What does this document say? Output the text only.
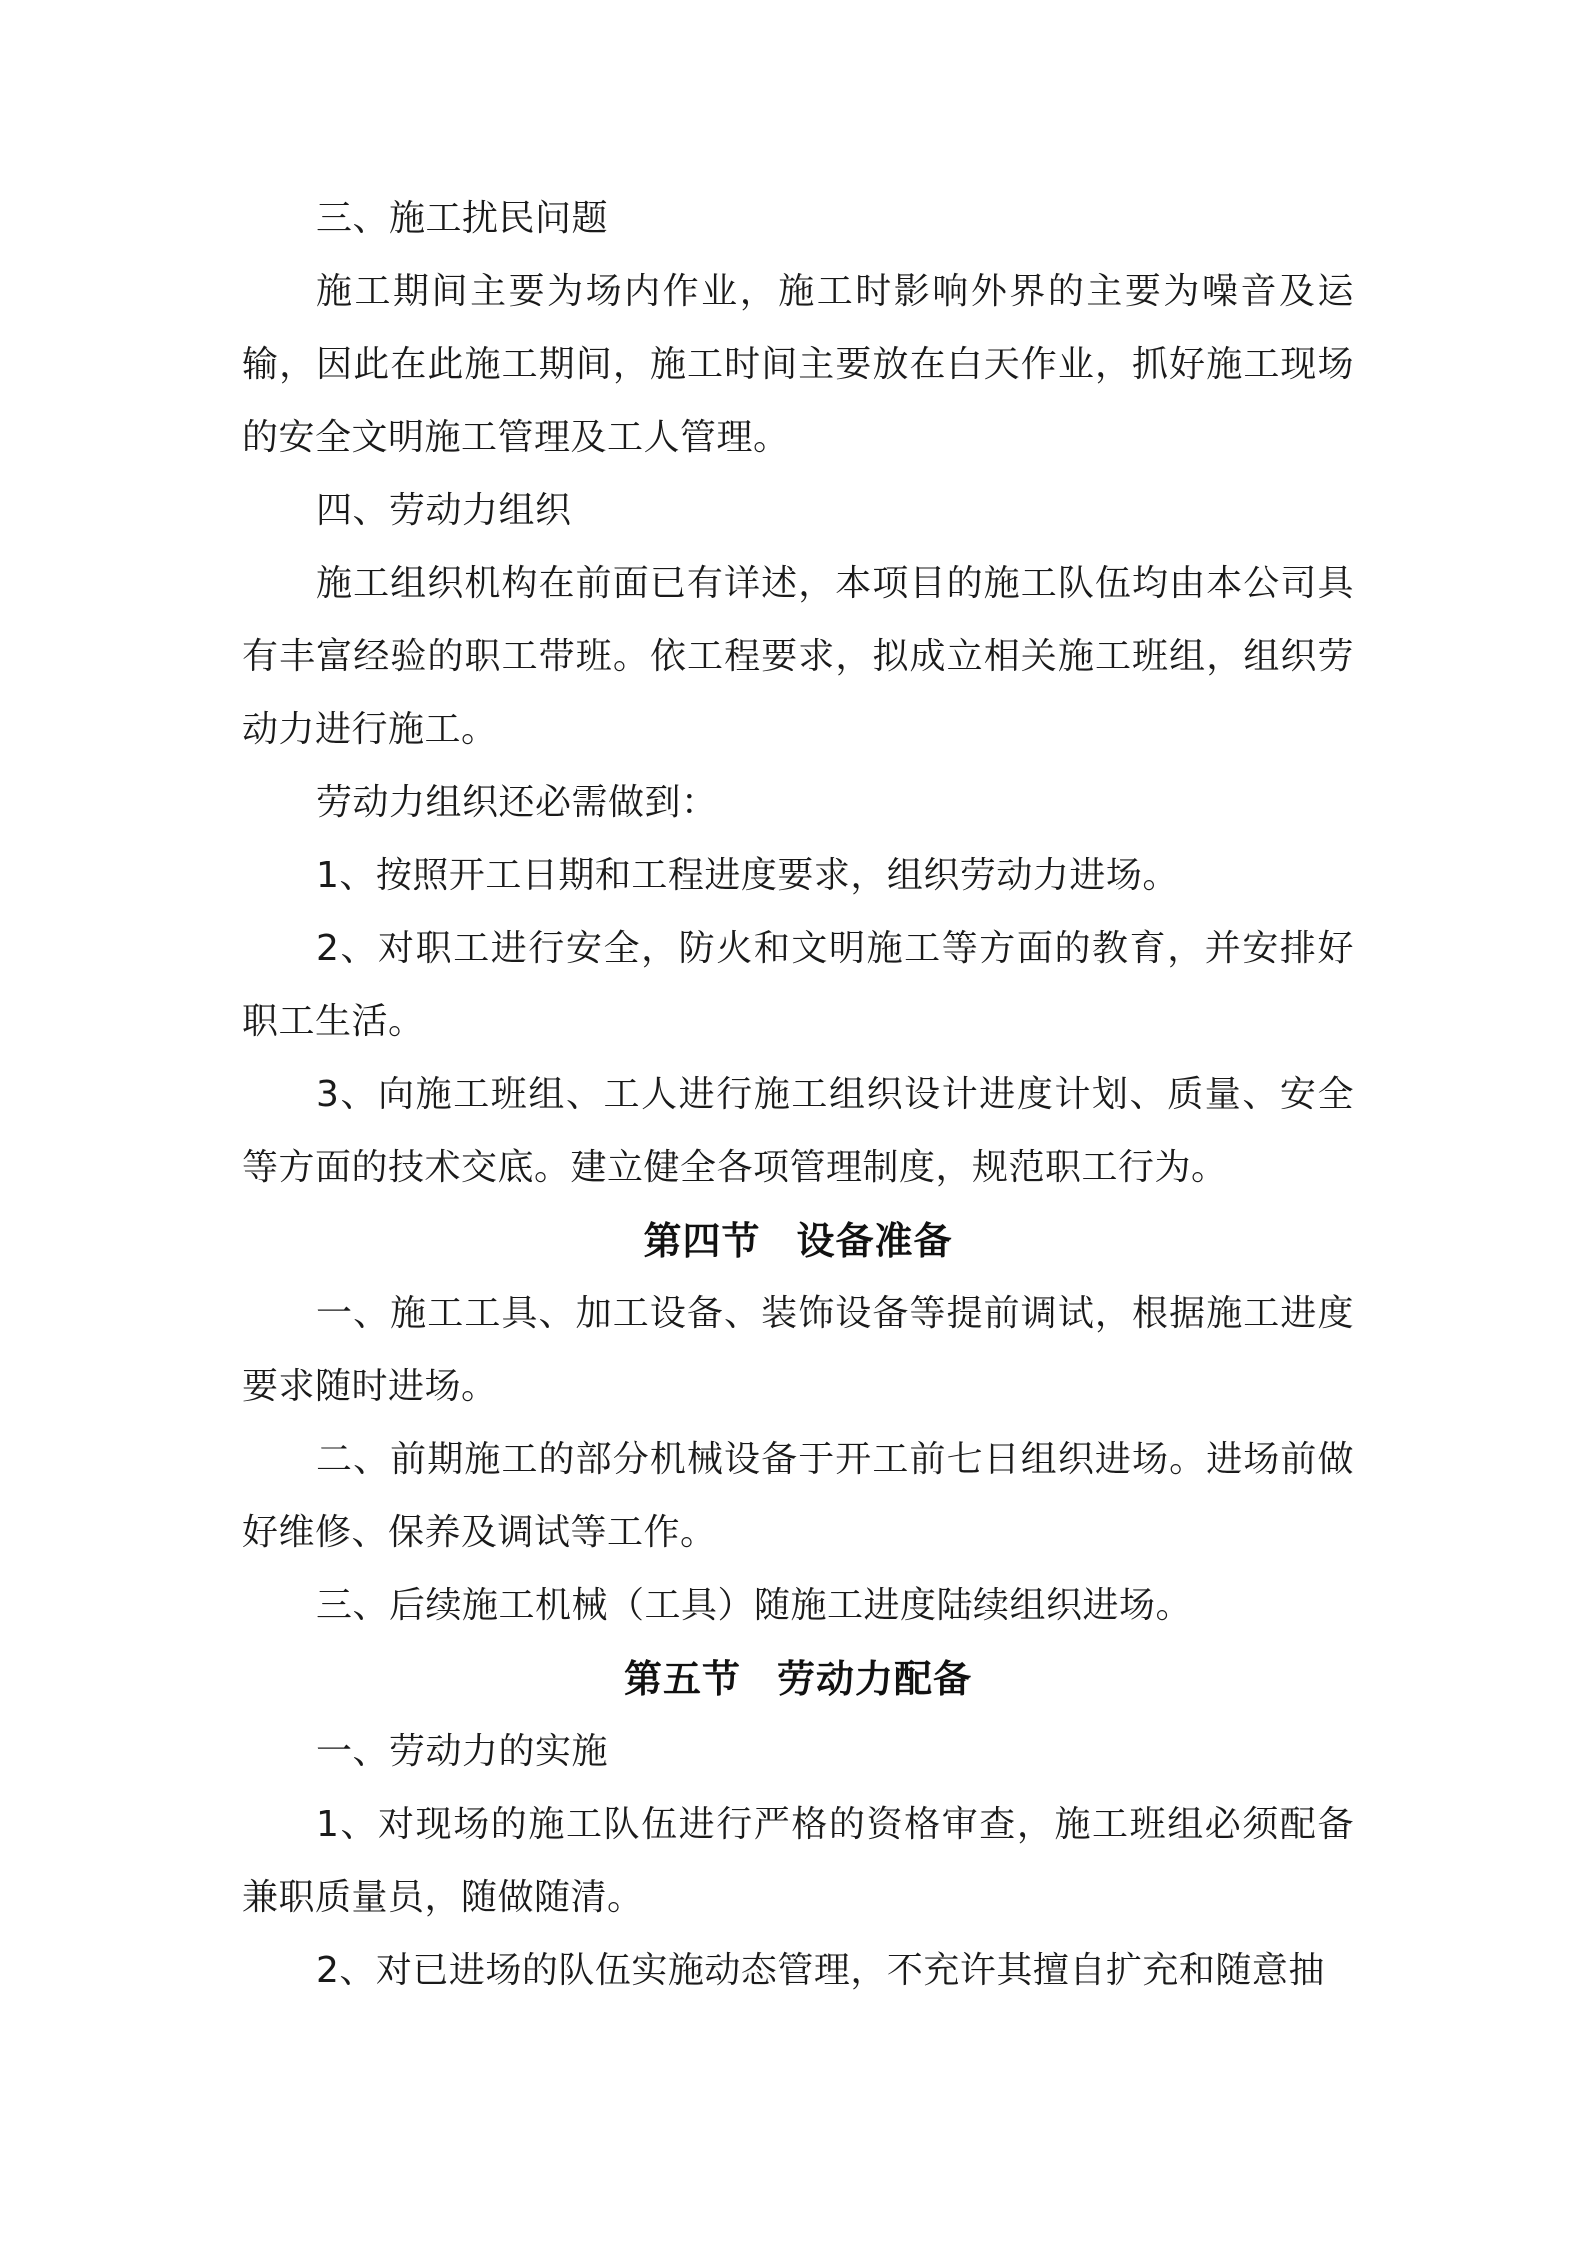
三、施工扰民问题

施工期间主要为场内作业，施工时影响外界的主要为噪音及运输，因此在此施工期间，施工时间主要放在白天作业，抓好施工现场的安全文明施工管理及工人管理。

四、劳动力组织

施工组织机构在前面已有详述，本项目的施工队伍均由本公司具有丰富经验的职工带班。依工程要求，拟成立相关施工班组，组织劳动力进行施工。

劳动力组织还必需做到：

1、按照开工日期和工程进度要求，组织劳动力进场。

2、对职工进行安全，防火和文明施工等方面的教育，并安排好职工生活。

3、向施工班组、工人进行施工组织设计进度计划、质量、安全等方面的技术交底。建立健全各项管理制度，规范职工行为。

第四节 设备准备

一、施工工具、加工设备、装饰设备等提前调试，根据施工进度要求随时进场。

二、前期施工的部分机械设备于开工前七日组织进场。进场前做好维修、保养及调试等工作。

三、后续施工机械（工具）随施工进度陆续组织进场。

第五节 劳动力配备

一、劳动力的实施

1、对现场的施工队伍进行严格的资格审查，施工班组必须配备兼职质量员，随做随清。

2、对已进场的队伍实施动态管理，不充许其擅自扩充和随意抽
